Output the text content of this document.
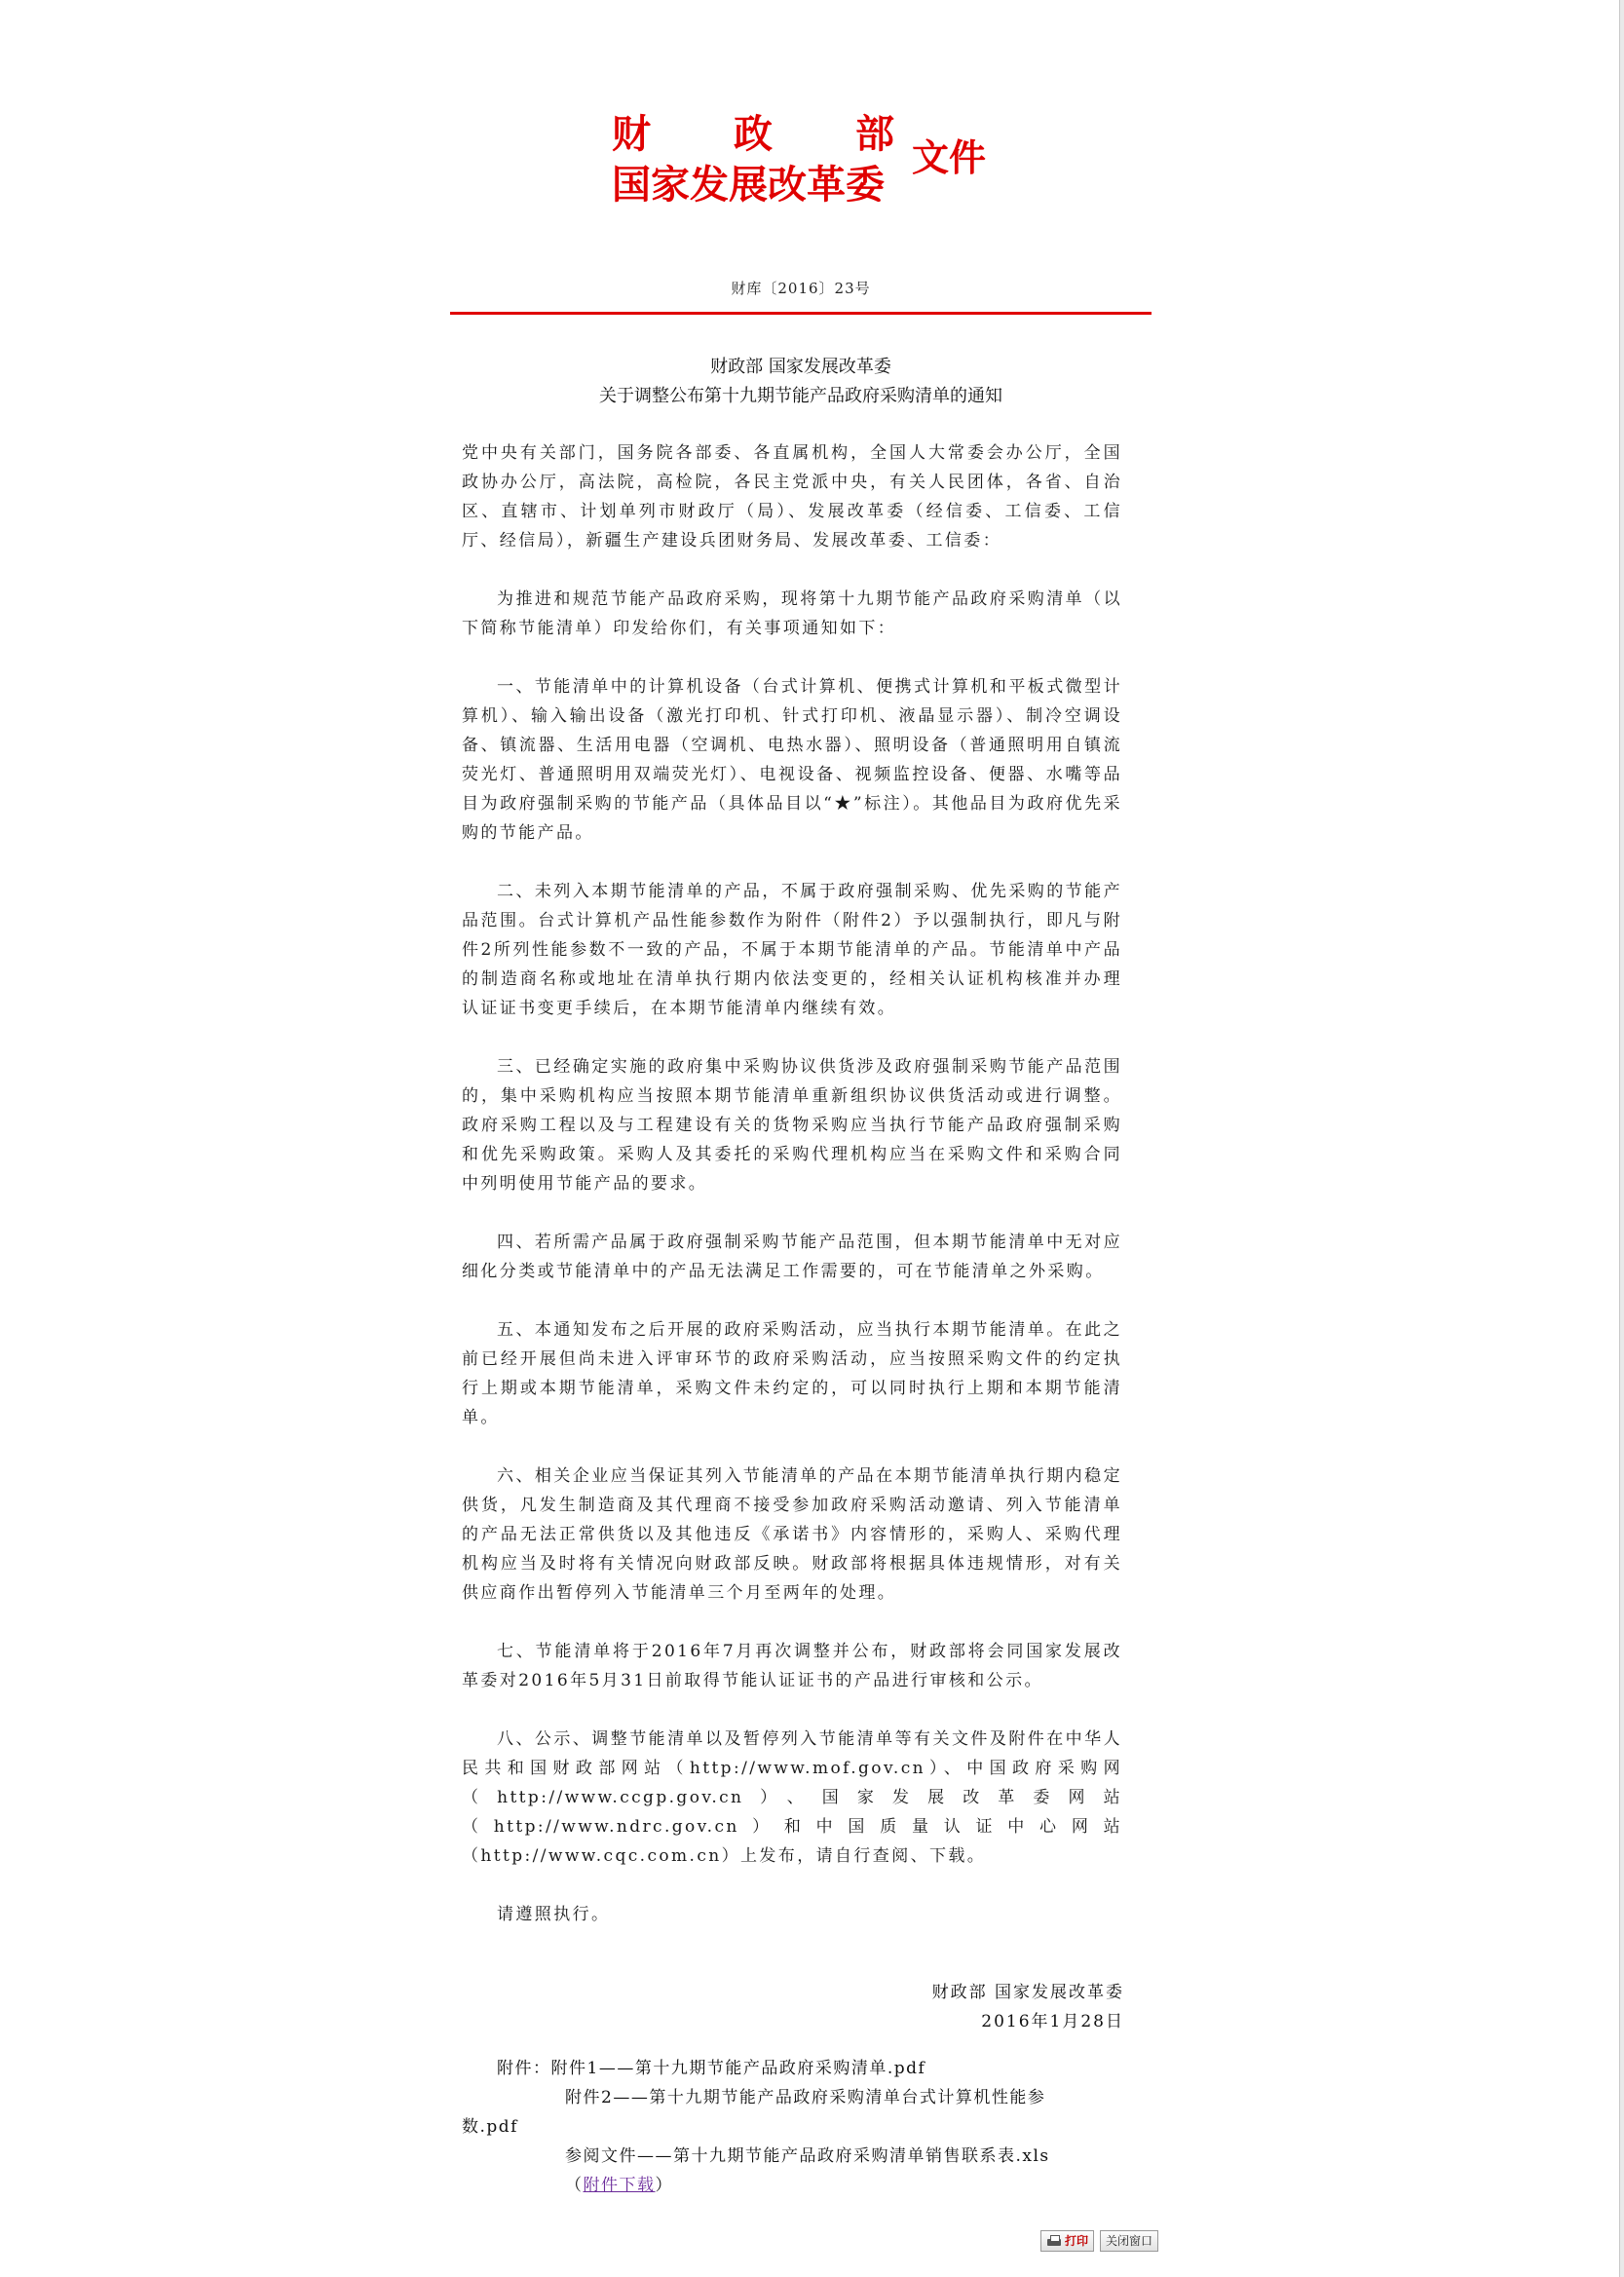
财 政 部
国家发展改革委
文件
财库〔2016〕23号
财政部 国家发展改革委
关于调整公布第十九期节能产品政府采购清单的通知

党中央有关部门，国务院各部委、各直属机构，全国人大常委会办公厅，全国政协办公厅，高法院，高检院，各民主党派中央，有关人民团体，各省、自治区、直辖市、计划单列市财政厅（局）、发展改革委（经信委、工信委、工信厅、经信局），新疆生产建设兵团财务局、发展改革委、工信委：

为推进和规范节能产品政府采购，现将第十九期节能产品政府采购清单（以下简称节能清单）印发给你们，有关事项通知如下：

一、节能清单中的计算机设备（台式计算机、便携式计算机和平板式微型计算机）、输入输出设备（激光打印机、针式打印机、液晶显示器）、制冷空调设备、镇流器、生活用电器（空调机、电热水器）、照明设备（普通照明用自镇流荧光灯、普通照明用双端荧光灯）、电视设备、视频监控设备、便器、水嘴等品目为政府强制采购的节能产品（具体品目以“★”标注）。其他品目为政府优先采购的节能产品。

二、未列入本期节能清单的产品，不属于政府强制采购、优先采购的节能产品范围。台式计算机产品性能参数作为附件（附件2）予以强制执行，即凡与附件2所列性能参数不一致的产品，不属于本期节能清单的产品。节能清单中产品的制造商名称或地址在清单执行期内依法变更的，经相关认证机构核准并办理认证证书变更手续后，在本期节能清单内继续有效。

三、已经确定实施的政府集中采购协议供货涉及政府强制采购节能产品范围的，集中采购机构应当按照本期节能清单重新组织协议供货活动或进行调整。政府采购工程以及与工程建设有关的货物采购应当执行节能产品政府强制采购和优先采购政策。采购人及其委托的采购代理机构应当在采购文件和采购合同中列明使用节能产品的要求。

四、若所需产品属于政府强制采购节能产品范围，但本期节能清单中无对应细化分类或节能清单中的产品无法满足工作需要的，可在节能清单之外采购。

五、本通知发布之后开展的政府采购活动，应当执行本期节能清单。在此之前已经开展但尚未进入评审环节的政府采购活动，应当按照采购文件的约定执行上期或本期节能清单，采购文件未约定的，可以同时执行上期和本期节能清单。

六、相关企业应当保证其列入节能清单的产品在本期节能清单执行期内稳定供货，凡发生制造商及其代理商不接受参加政府采购活动邀请、列入节能清单的产品无法正常供货以及其他违反《承诺书》内容情形的，采购人、采购代理机构应当及时将有关情况向财政部反映。财政部将根据具体违规情形，对有关供应商作出暂停列入节能清单三个月至两年的处理。

七、节能清单将于2016年7月再次调整并公布，财政部将会同国家发展改革委对2016年5月31日前取得节能认证证书的产品进行审核和公示。

八、公示、调整节能清单以及暂停列入节能清单等有关文件及附件在中华人民共和国财政部网站（http://www.mof.gov.cn）、中国政府采购网（http://www.ccgp.gov.cn）、国家发展改革委网站（http://www.ndrc.gov.cn）和中国质量认证中心网站（http://www.cqc.com.cn）上发布，请自行查阅、下载。

请遵照执行。

财政部 国家发展改革委
2016年1月28日
附件：附件1——第十九期节能产品政府采购清单.pdf
附件2——第十九期节能产品政府采购清单台式计算机性能参
数.pdf
参阅文件——第十九期节能产品政府采购清单销售联系表.xls
（附件下载）
打印 关闭窗口
